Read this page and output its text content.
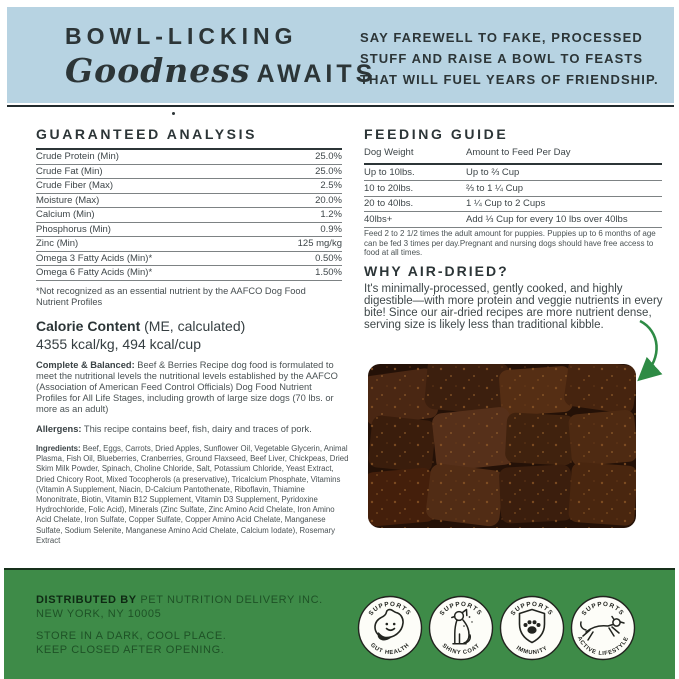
BOWL-LICKING
Goodness AWAITS
SAY FAREWELL TO FAKE, PROCESSED
STUFF AND RAISE A BOWL TO FEASTS
THAT WILL FUEL YEARS OF FRIENDSHIP.
GUARANTEED ANALYSIS
Crude Protein (Min)	25.0%
Crude Fat (Min)	25.0%
Crude Fiber (Max)	2.5%
Moisture (Max)	20.0%
Calcium (Min)	1.2%
Phosphorus (Min)	0.9%
Zinc (Min)	125 mg/kg
Omega 3 Fatty Acids (Min)*	0.50%
Omega 6 Fatty Acids (Min)*	1.50%
*Not recognized as an essential nutrient by the AAFCO Dog Food Nutrient Profiles
Calorie Content (ME, calculated)
4355 kcal/kg, 494 kcal/cup

Complete & Balanced: Beef & Berries Recipe dog food is formulated to meet the nutritional levels the nutritional levels established by the AAFCO (Association of American Feed Control Officials) Dog Food Nutrient Profiles for All Life Stages, including growth of large size dogs (70 lbs. or more as an adult)

Allergens: This recipe contains beef, fish, dairy and traces of pork.

Ingredients: Beef, Eggs, Carrots, Dried Apples, Sunflower Oil, Vegetable Glycerin, Animal Plasma, Fish Oil, Blueberries, Cranberries, Ground Flaxseed, Beef Liver, Chickpeas, Dried Skim Milk Powder, Spinach, Choline Chloride, Salt, Potassium Chloride, Yeast Extract, Dried Chicory Root, Mixed Tocopherols (a preservative), Tricalcium Phosphate, Vitamins (Vitamin A Supplement, Niacin, D-Calcium Pantothenate, Riboflavin, Thiamine Mononitrate, Biotin, Vitamin B12 Supplement, Vitamin D3 Supplement, Pyridoxine Hydrochloride, Folic Acid), Minerals (Zinc Sulfate, Zinc Amino Acid Chelate, Iron Amino Acid Chelate, Iron Sulfate, Copper Sulfate, Copper Amino Acid Chelate, Manganese Sulfate, Sodium Selenite, Manganese Amino Acid Chelate, Calcium Iodate), Rosemary Extract

FEEDING GUIDE
Dog Weight	Amount to Feed Per Day
Up to 10lbs.	Up to ⅔ Cup
10 to 20lbs.	⅔ to 1 ¼ Cup
20 to 40lbs.	1 ¼ Cup to 2 Cups
40lbs+	Add ⅓ Cup for every 10 lbs over 40lbs
Feed 2 to 2 1/2 times the adult amount for puppies. Puppies up to 6 months of age can be fed 3 times per day.Pregnant and nursing dogs should have free access to food at all times.
WHY AIR-DRIED?

It's minimally-processed, gently cooked, and highly digestible—with more protein and veggie nutrients in every bite! Since our air-dried recipes are more nutrient dense, serving size is likely less than traditional kibble.

DISTRIBUTED BY PET NUTRITION DELIVERY INC.
NEW YORK, NY 10005
STORE IN A DARK, COOL PLACE.
KEEP CLOSED AFTER OPENING.
SUPPORTS
GUT HEALTH
SUPPORTS
SHINY COAT
SUPPORTS
IMMUNITY
SUPPORTS
ACTIVE LIFESTYLE
